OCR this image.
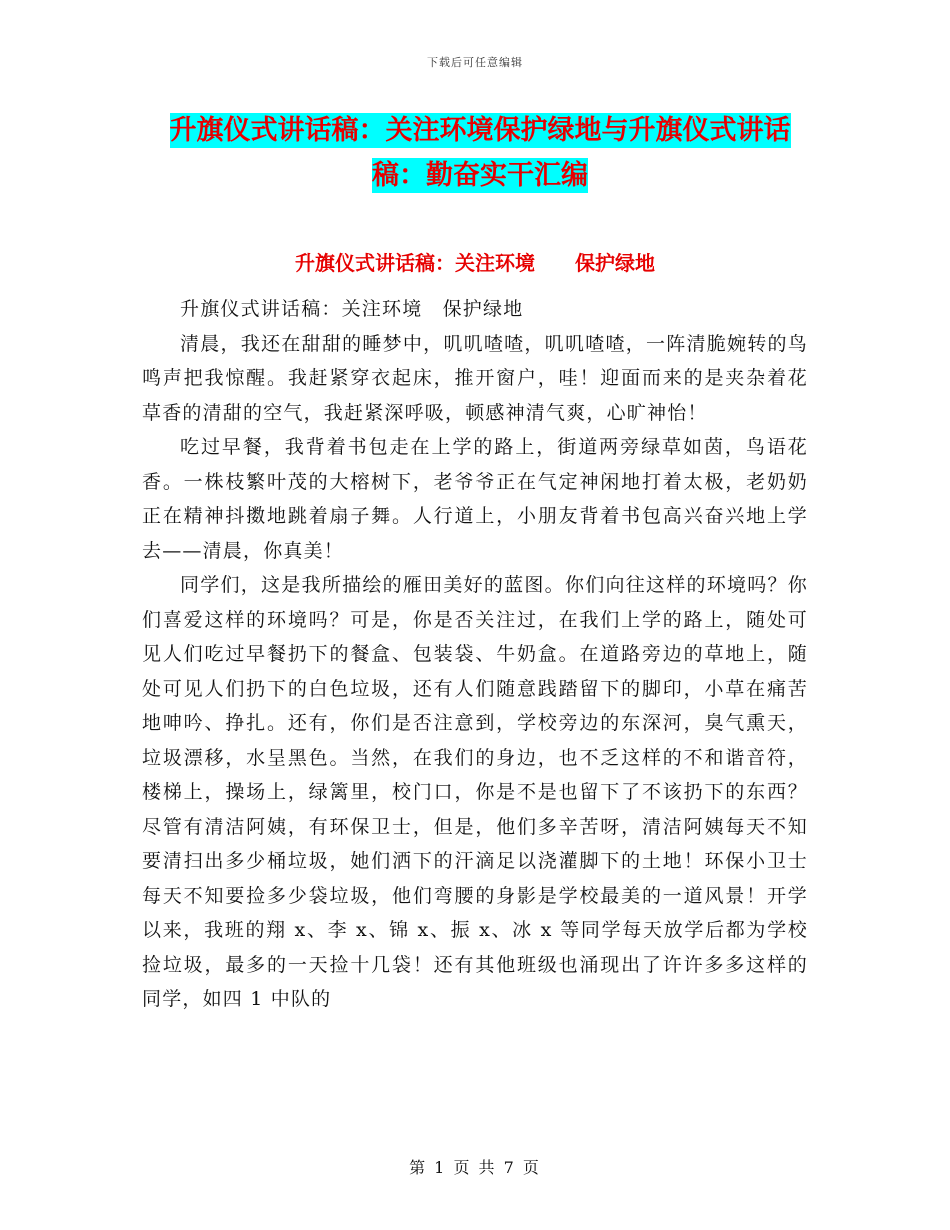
下载后可任意编辑
升旗仪式讲话稿：关注环境保护绿地与升旗仪式讲话
稿：勤奋实干汇编
升旗仪式讲话稿：关注环境　　保护绿地

升旗仪式讲话稿：关注环境　保护绿地

清晨，我还在甜甜的睡梦中，叽叽喳喳，叽叽喳喳，一阵清脆婉转的鸟鸣声把我惊醒。我赶紧穿衣起床，推开窗户，哇！迎面而来的是夹杂着花草香的清甜的空气，我赶紧深呼吸，顿感神清气爽，心旷神怡！

吃过早餐，我背着书包走在上学的路上，街道两旁绿草如茵，鸟语花香。一株枝繁叶茂的大榕树下，老爷爷正在气定神闲地打着太极，老奶奶正在精神抖擞地跳着扇子舞。人行道上，小朋友背着书包高兴奋兴地上学去——清晨，你真美！

同学们，这是我所描绘的雁田美好的蓝图。你们向往这样的环境吗？你们喜爱这样的环境吗？可是，你是否关注过，在我们上学的路上，随处可见人们吃过早餐扔下的餐盒、包装袋、牛奶盒。在道路旁边的草地上，随处可见人们扔下的白色垃圾，还有人们随意践踏留下的脚印，小草在痛苦地呻吟、挣扎。还有，你们是否注意到，学校旁边的东深河，臭气熏天，垃圾漂移，水呈黑色。当然，在我们的身边，也不乏这样的不和谐音符，楼梯上，操场上，绿篱里，校门口，你是不是也留下了不该扔下的东西？尽管有清洁阿姨，有环保卫士，但是，他们多辛苦呀，清洁阿姨每天不知要清扫出多少桶垃圾，她们洒下的汗滴足以浇灌脚下的土地！环保小卫士每天不知要捡多少袋垃圾，他们弯腰的身影是学校最美的一道风景！开学以来，我班的翔 x、李 x、锦 x、振 x、冰 x 等同学每天放学后都为学校捡垃圾，最多的一天捡十几袋！还有其他班级也涌现出了许许多多这样的同学，如四 1 中队的

第 1 页 共 7 页
